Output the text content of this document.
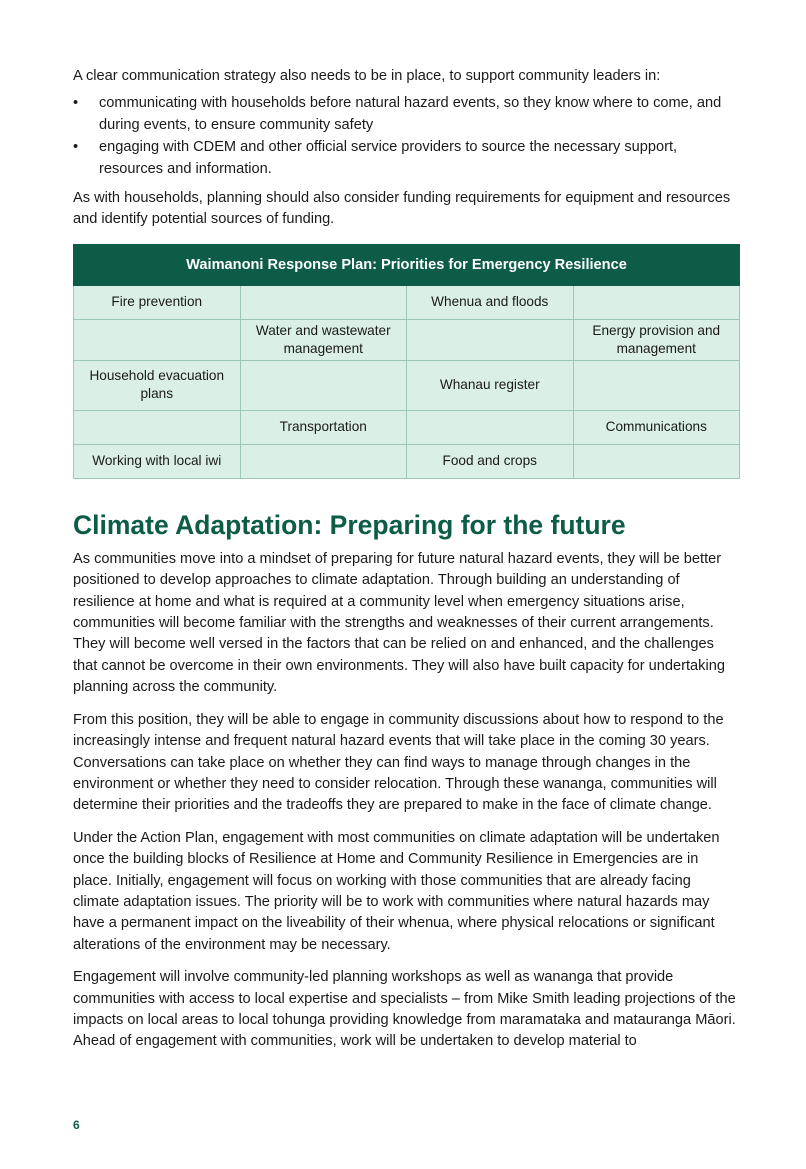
A clear communication strategy also needs to be in place, to support community leaders in:

•	communicating with households before natural hazard events, so they know where to come, and during events, to ensure community safety
•	engaging with CDEM and other official service providers to source the necessary support, resources and information.

As with households, planning should also consider funding requirements for equipment and resources and identify potential sources of funding.

Waimanoni Response Plan: Priorities for Emergency Resilience			
Fire prevention		Whenua and floods	
	Water and wastewater management		Energy provision and management
Household evacuation plans		Whanau register	
	Transportation		Communications
Working with local iwi		Food and crops	
Climate Adaptation: Preparing for the future

As communities move into a mindset of preparing for future natural hazard events, they will be better positioned to develop approaches to climate adaptation. Through building an understanding of resilience at home and what is required at a community level when emergency situations arise, communities will become familiar with the strengths and weaknesses of their current arrangements. They will become well versed in the factors that can be relied on and enhanced, and the challenges that cannot be overcome in their own environments. They will also have built capacity for undertaking planning across the community.

From this position, they will be able to engage in community discussions about how to respond to the increasingly intense and frequent natural hazard events that will take place in the coming 30 years. Conversations can take place on whether they can find ways to manage through changes in the environment or whether they need to consider relocation. Through these wananga, communities will determine their priorities and the tradeoffs they are prepared to make in the face of climate change.

Under the Action Plan, engagement with most communities on climate adaptation will be undertaken once the building blocks of Resilience at Home and Community Resilience in Emergencies are in place. Initially, engagement will focus on working with those communities that are already facing climate adaptation issues. The priority will be to work with communities where natural hazards may have a permanent impact on the liveability of their whenua, where physical relocations or significant alterations of the environment may be necessary.

Engagement will involve community-led planning workshops as well as wananga that provide communities with access to local expertise and specialists – from Mike Smith leading projections of the impacts on local areas to local tohunga providing knowledge from maramataka and matauranga Māori. Ahead of engagement with communities, work will be undertaken to develop material to

6
